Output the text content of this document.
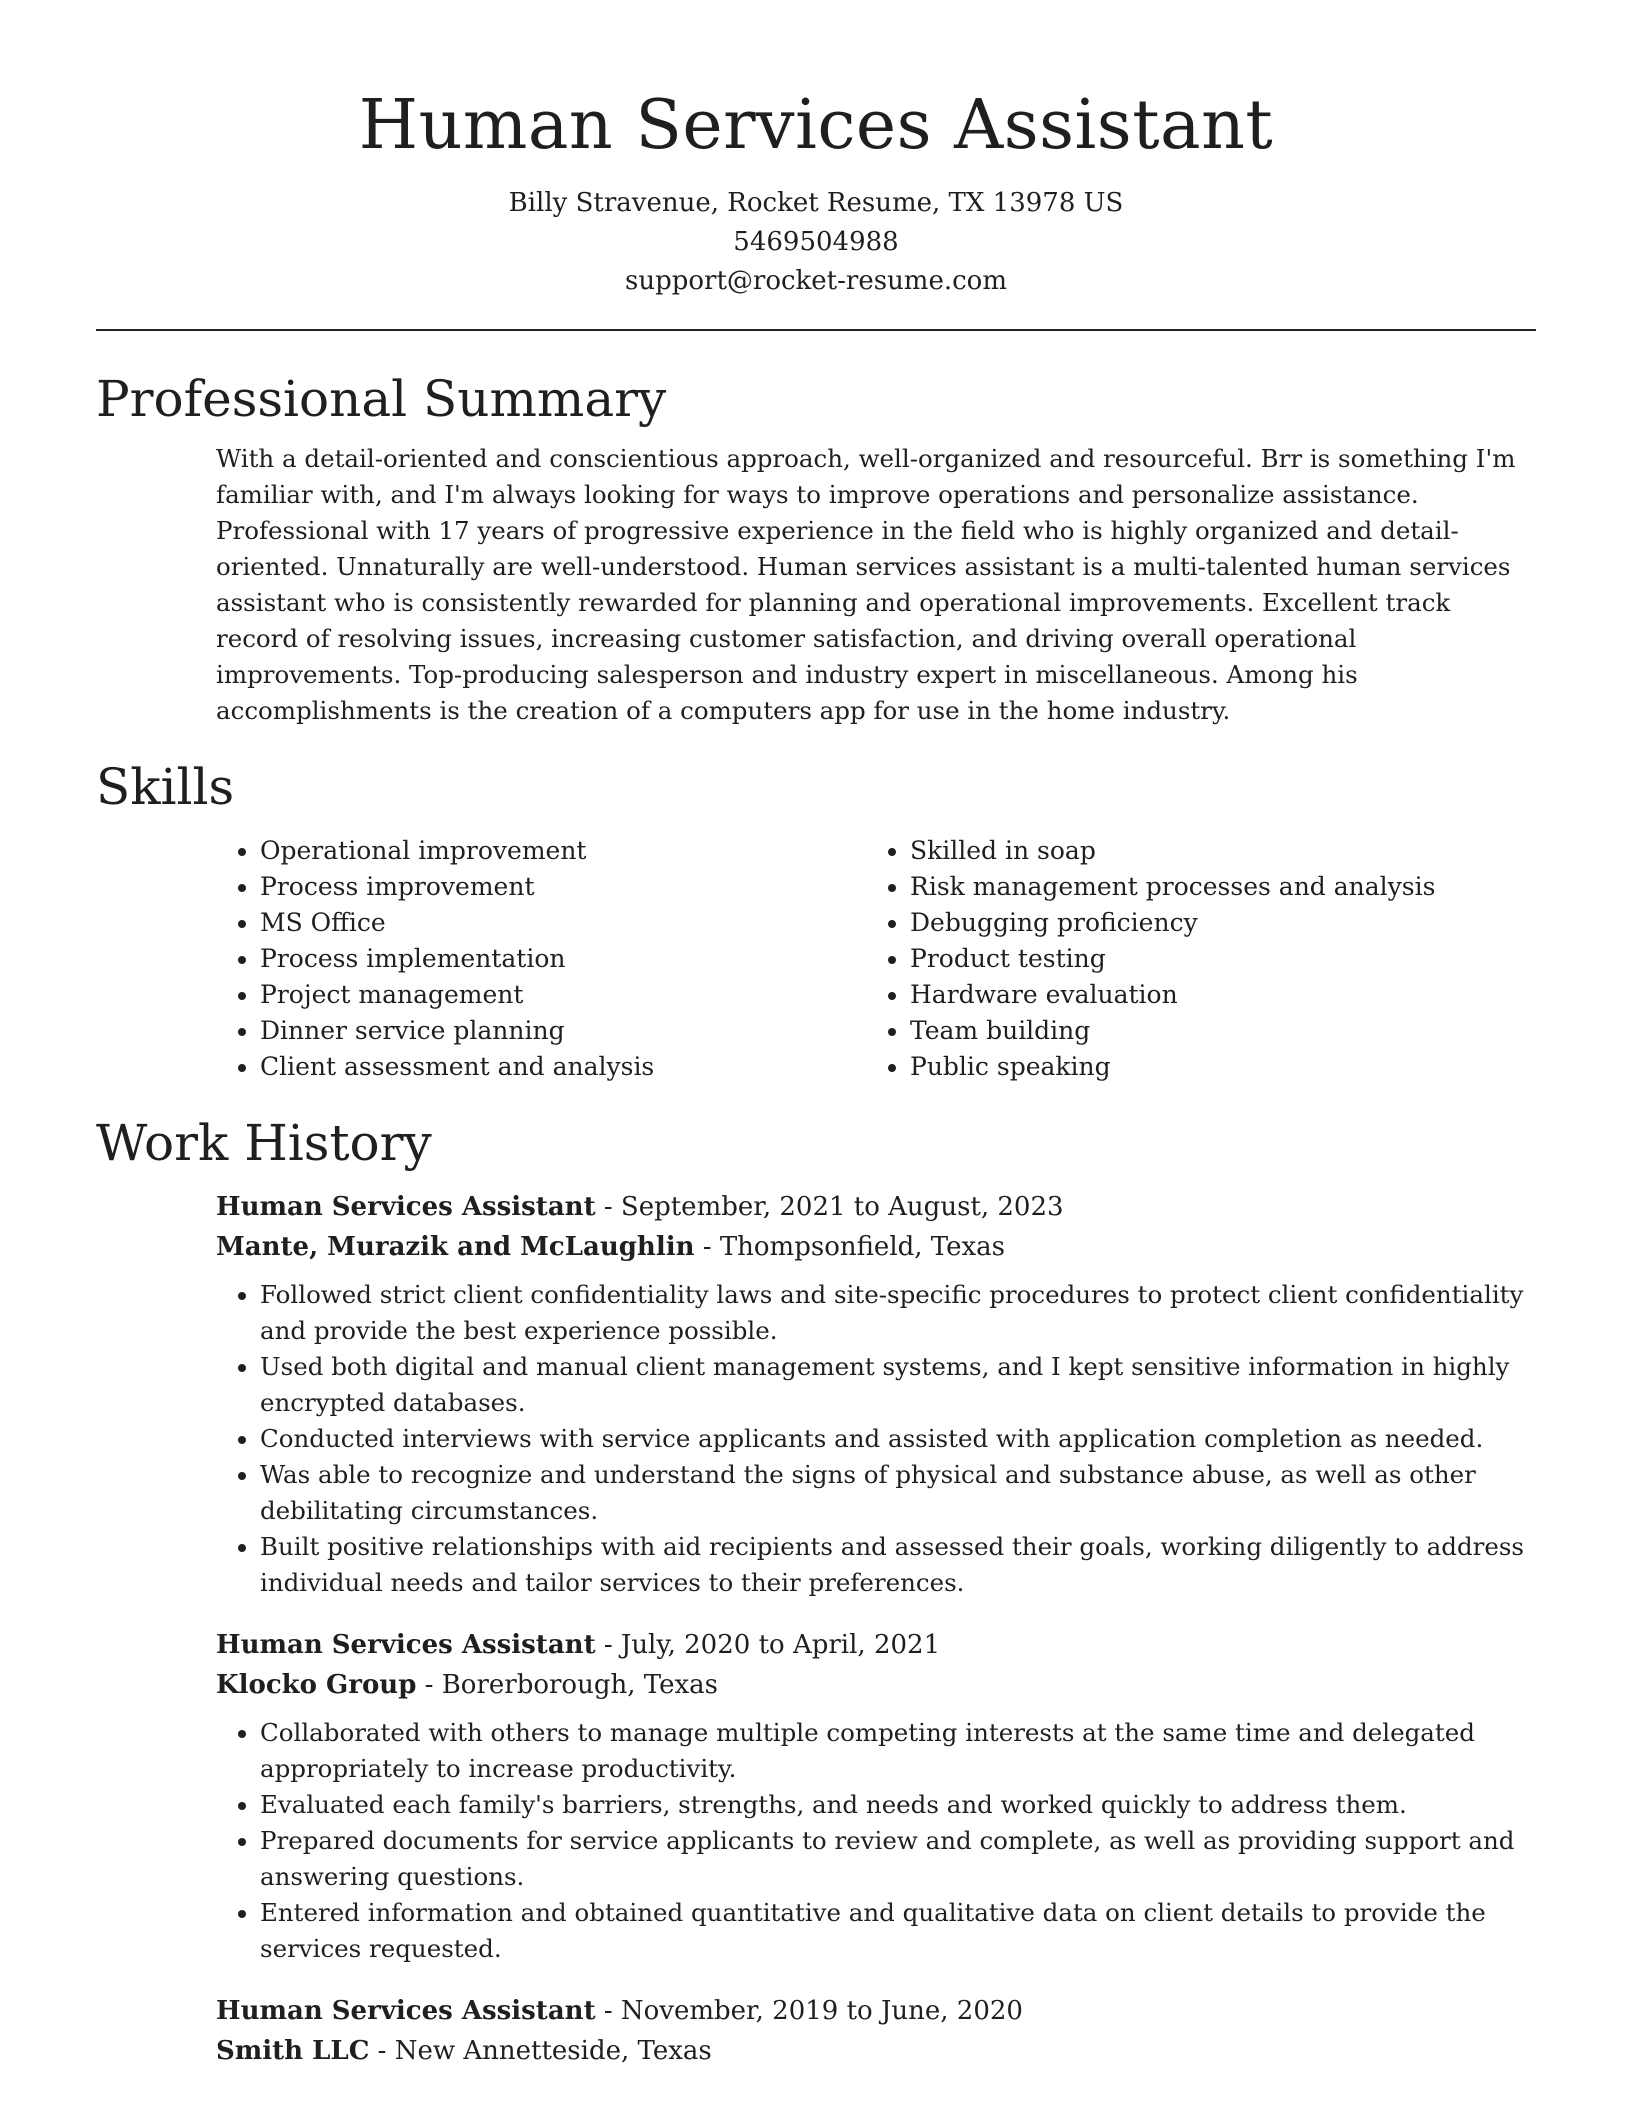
Human Services Assistant
Billy Stravenue, Rocket Resume, TX 13978 US
5469504988
support@rocket-resume.com
Professional Summary

With a detail-oriented and conscientious approach, well-organized and resourceful. Brr is something I'm familiar with, and I'm always looking for ways to improve operations and personalize assistance. Professional with 17 years of progressive experience in the field who is highly organized and detail-oriented. Unnaturally are well-understood. Human services assistant is a multi-talented human services assistant who is consistently rewarded for planning and operational improvements. Excellent track record of resolving issues, increasing customer satisfaction, and driving overall operational improvements. Top-producing salesperson and industry expert in miscellaneous. Among his accomplishments is the creation of a computers app for use in the home industry.

Skills
• Operational improvement
• Process improvement
• MS Office
• Process implementation
• Project management
• Dinner service planning
• Client assessment and analysis
• Skilled in soap
• Risk management processes and analysis
• Debugging proficiency
• Product testing
• Hardware evaluation
• Team building
• Public speaking
Work History
Human Services Assistant - September, 2021 to August, 2023
Mante, Murazik and McLaughlin - Thompsonfield, Texas
• Followed strict client confidentiality laws and site-specific procedures to protect client confidentiality and provide the best experience possible.
• Used both digital and manual client management systems, and I kept sensitive information in highly encrypted databases.
• Conducted interviews with service applicants and assisted with application completion as needed.
• Was able to recognize and understand the signs of physical and substance abuse, as well as other debilitating circumstances.
• Built positive relationships with aid recipients and assessed their goals, working diligently to address individual needs and tailor services to their preferences.
Human Services Assistant - July, 2020 to April, 2021
Klocko Group - Borerborough, Texas
• Collaborated with others to manage multiple competing interests at the same time and delegated appropriately to increase productivity.
• Evaluated each family's barriers, strengths, and needs and worked quickly to address them.
• Prepared documents for service applicants to review and complete, as well as providing support and answering questions.
• Entered information and obtained quantitative and qualitative data on client details to provide the services requested.
Human Services Assistant - November, 2019 to June, 2020
Smith LLC - New Annetteside, Texas
